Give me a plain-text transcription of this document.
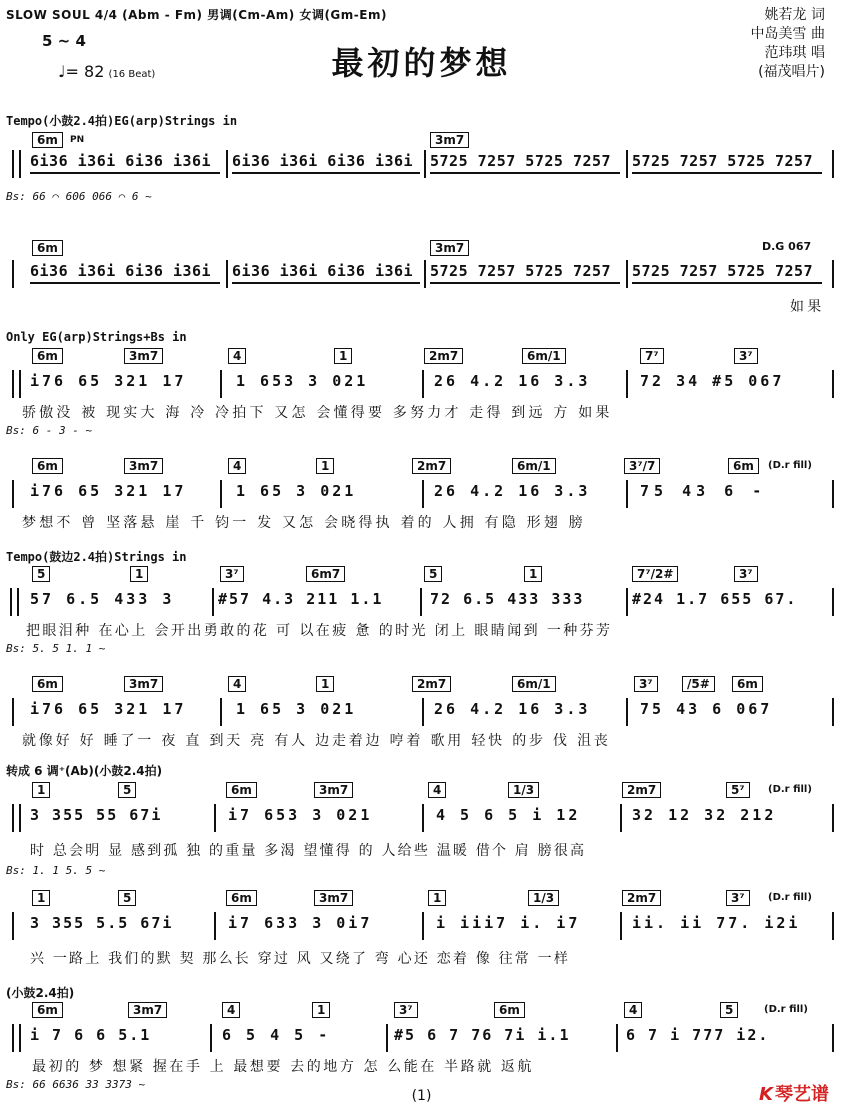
SLOW SOUL 4/4 (Abm - Fm) 男调(Cm-Am) 女调(Gm-Em)
5 ~ 4
♩= 82 (16 Beat)	最初的梦想
姚若龙 词
中岛美雪 曲
范玮琪 唱
(福茂唱片)
Tempo(小鼓2.4拍)EG(arp)Strings in
6m	PN	3m7
6i36 i36i 6i36 i36i 6i36 i36i 6i36 i36i 5725 7257 5725 7257 5725 7257 5725 7257
Bs: 66 ⌒ 606 066 ⌒ 6 ~
6m	3m7	D.G 067
6i36 i36i 6i36 i36i 6i36 i36i 6i36 i36i 5725 7257 5725 7257 5725 7257 5725 7257
如果
Only EG(arp)Strings+Bs in
6m	3m7	4	1	2m7	6m/1	7⁷	3⁷
i76 65 321 17	1 653 3 021	26 4.2 16 3.3	72 34 #5 067
骄傲没 被 现实大 海 冷 冷拍下 又怎 会懂得要 多努力才 走得 到远 方 如果
Bs: 6 - 3 - ~
6m	3m7	4	1	2m7	6m/1	3⁷/7	6m	(D.r fill)
i76 65 321 17	1 65 3 021	26 4.2 16 3.3	75 43 6 -
梦想不 曾 坚落悬 崖 千 钧一 发 又怎 会晓得执 着的 人拥 有隐 形翅 膀
Tempo(鼓边2.4拍)Strings in
5	1	3⁷	6m7	5	1	7⁷/2#	3⁷
57 6.5 433 3	#57 4.3 211 1.1	72 6.5 433 333	#24 1.7 655 67.
把眼泪种 在心上 会开出勇敢的花 可 以在疲 惫 的时光 闭上 眼睛闻到 一种芬芳
Bs: 5. 5 1. 1 ~
6m	3m7	4	1	2m7	6m/1	3⁷	/5#	6m
i76 65 321 17	1 65 3 021	26 4.2 16 3.3	75 43 6 067
就像好 好 睡了一 夜 直 到天 亮 有人 边走着边 哼着 歌用 轻快 的步 伐 沮丧
转成 6 调⁺(Ab)(小鼓2.4拍)
1	5	6m	3m7	4	1/3	2m7	5⁷	(D.r fill)
3 355 55 67i	i7 653 3 021	4 5 6 5 i 12	32 12 32 212
时 总会明 显 感到孤 独 的重量 多渴 望懂得 的 人给些 温暖 借个 肩 膀很高
Bs: 1. 1 5. 5 ~
1	5	6m	3m7	1	1/3	2m7	3⁷	(D.r fill)
3 355 5.5 67i	i7 633 3 0i7	i iii7 i. i7	ii. ii 77. i2i
兴 一路上 我们的默 契 那么长 穿过 风 又绕了 弯 心还 恋着 像 往常 一样
(小鼓2.4拍)
6m	3m7	4	1	3⁷	6m	4	5	(D.r fill)
i 7 6 6 5.1	6 5 4 5 -	#5 6 7 76 7i i.1	6 7 i 777 i2.
最初的 梦 想紧 握在手 上 最想要 去的地方 怎 么能在 半路就 返航
Bs: 66 6636 33 3373 ~
(1)	K 琴艺谱
